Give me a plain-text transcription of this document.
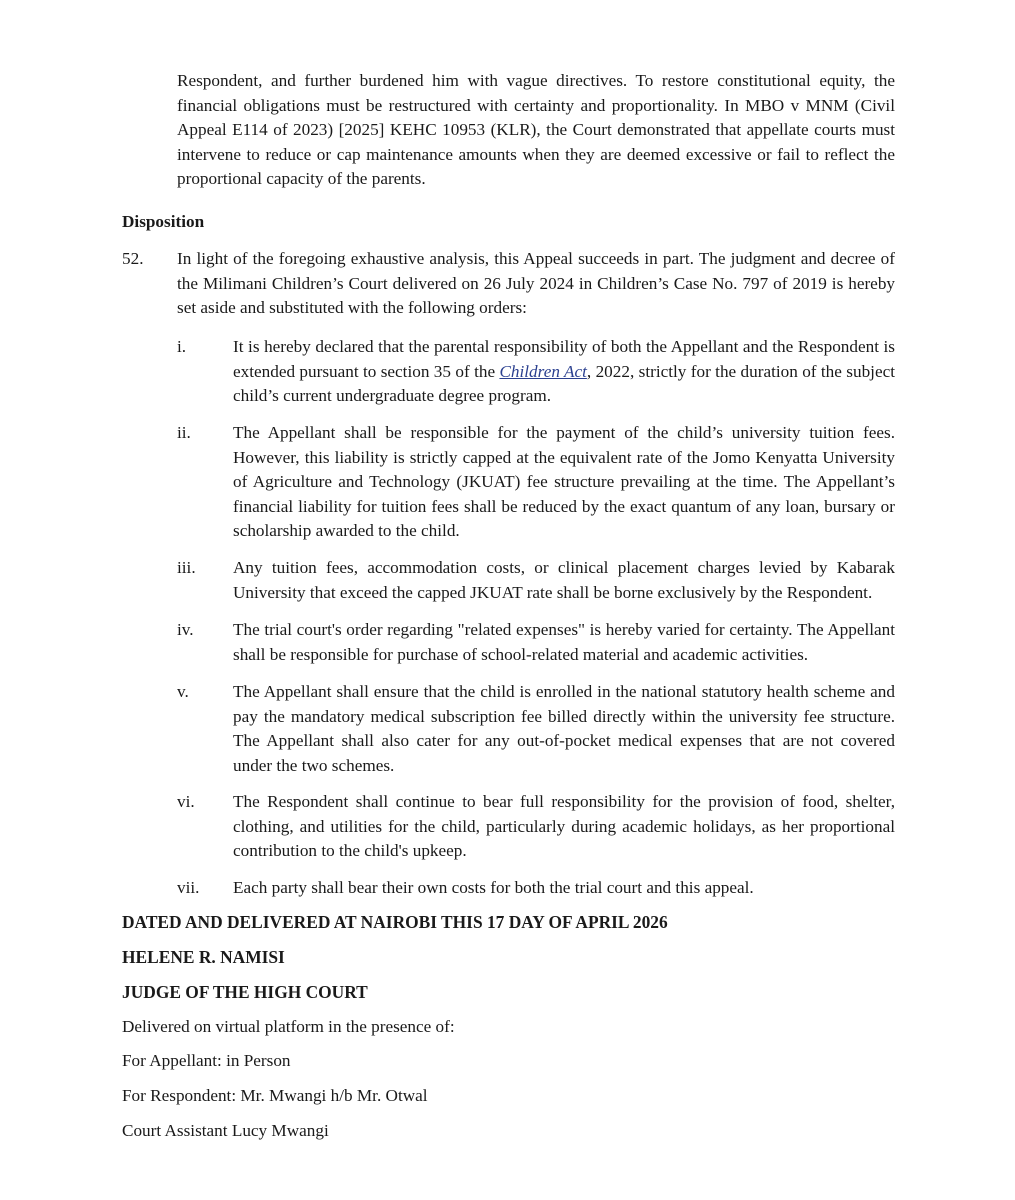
Respondent, and further burdened him with vague directives. To restore constitutional equity, the financial obligations must be restructured with certainty and proportionality. In MBO v MNM (Civil Appeal E114 of 2023) [2025] KEHC 10953 (KLR), the Court demonstrated that appellate courts must intervene to reduce or cap maintenance amounts when they are deemed excessive or fail to reflect the proportional capacity of the parents.

Disposition
52. In light of the foregoing exhaustive analysis, this Appeal succeeds in part. The judgment and decree of the Milimani Children’s Court delivered on 26 July 2024 in Children’s Case No. 797 of 2019 is hereby set aside and substituted with the following orders:

i.	It is hereby declared that the parental responsibility of both the Appellant and the Respondent is extended pursuant to section 35 of the Children Act, 2022, strictly for the duration of the subject child’s current undergraduate degree program.

ii. The Appellant shall be responsible for the payment of the child’s university tuition fees. However, this liability is strictly capped at the equivalent rate of the Jomo Kenyatta University of Agriculture and Technology (JKUAT) fee structure prevailing at the time. The Appellant’s financial liability for tuition fees shall be reduced by the exact quantum of any loan, bursary or scholarship awarded to the child.

iii. Any tuition fees, accommodation costs, or clinical placement charges levied by Kabarak University that exceed the capped JKUAT rate shall be borne exclusively by the Respondent.

iv. The trial court's order regarding "related expenses" is hereby varied for certainty. The Appellant shall be responsible for purchase of school-related material and academic activities.

v.	The Appellant shall ensure that the child is enrolled in the national statutory health scheme and pay the mandatory medical subscription fee billed directly within the university fee structure. The Appellant shall also cater for any out-of-pocket medical expenses that are not covered under the two schemes.

vi. The Respondent shall continue to bear full responsibility for the provision of food, shelter, clothing, and utilities for the child, particularly during academic holidays, as her proportional contribution to the child's upkeep.

vii. Each party shall bear their own costs for both the trial court and this appeal.

DATED AND DELIVERED AT NAIROBI THIS 17 DAY OF APRIL 2026
HELENE R. NAMISI
JUDGE OF THE HIGH COURT
Delivered on virtual platform in the presence of:
For Appellant: in Person
For Respondent: Mr. Mwangi h/b Mr. Otwal
Court Assistant Lucy Mwangi
